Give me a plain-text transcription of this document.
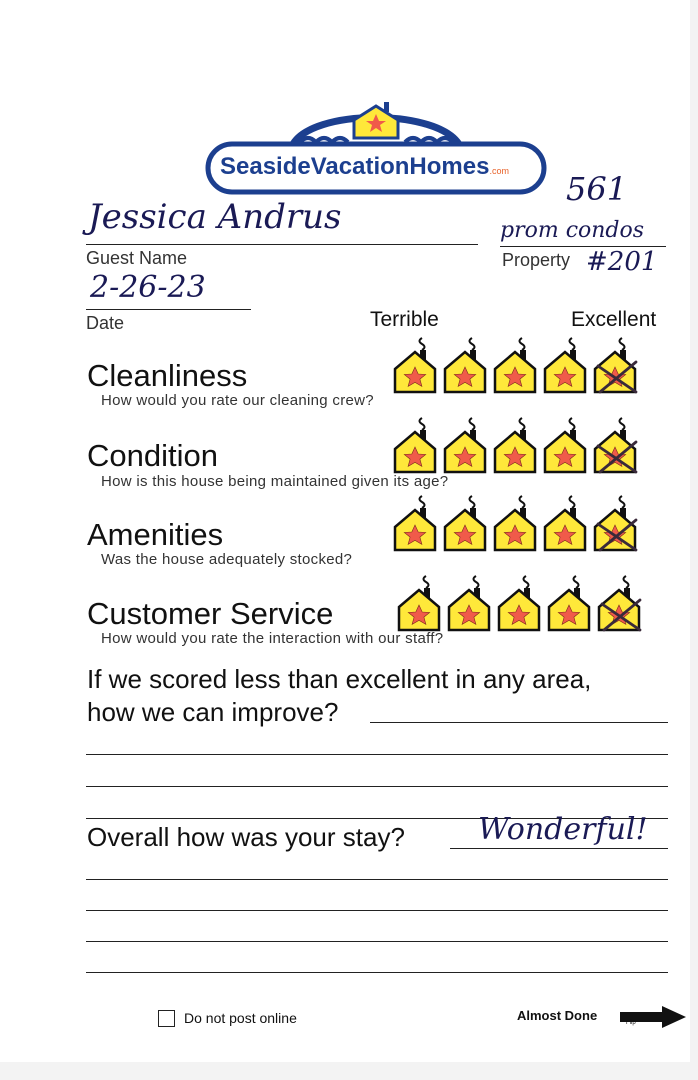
SeasideVacationHomes.com
Jessica Andrus
Guest Name
561
prom condos
Property #201
2-26-23
Date	Terrible	Excellent
Cleanliness
How would you rate our cleaning crew?
Condition
How is this house being maintained given its age?
Amenities
Was the house adequately stocked?
Customer Service
How would you rate the interaction with our staff?
If we scored less than excellent in any area,
how we can improve?
Overall how was your stay? Wonderful!
Do not post online	Almost Done	Flip
